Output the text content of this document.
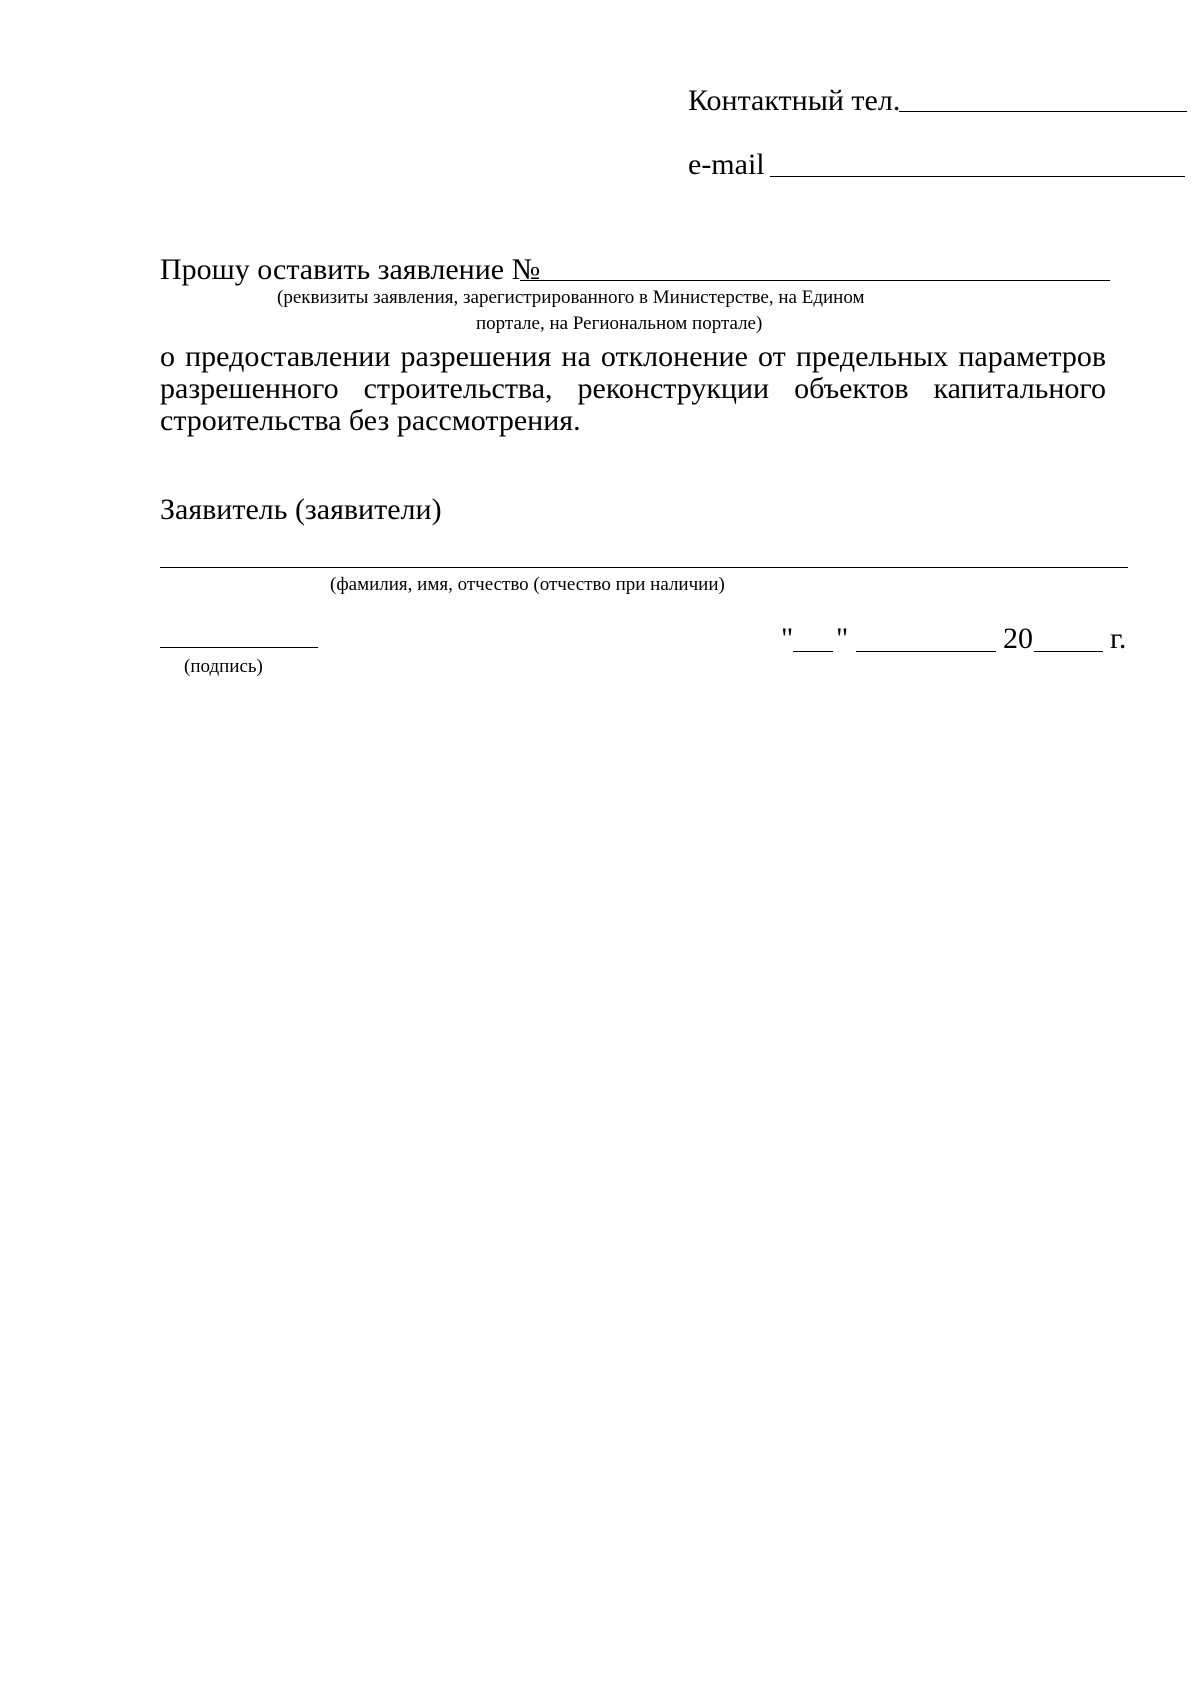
Контактный тел.
e-mail
Прошу оставить заявление №
(реквизиты заявления, зарегистрированного в Министерстве, на Едином
портале, на Региональном портале)
о предоставлении разрешения на отклонение от предельных параметров
разрешенного строительства, реконструкции объектов капитального
строительства без рассмотрения.
Заявитель (заявители)
(фамилия, имя, отчество (отчество при наличии)
(подпись)
" "	20	г.
